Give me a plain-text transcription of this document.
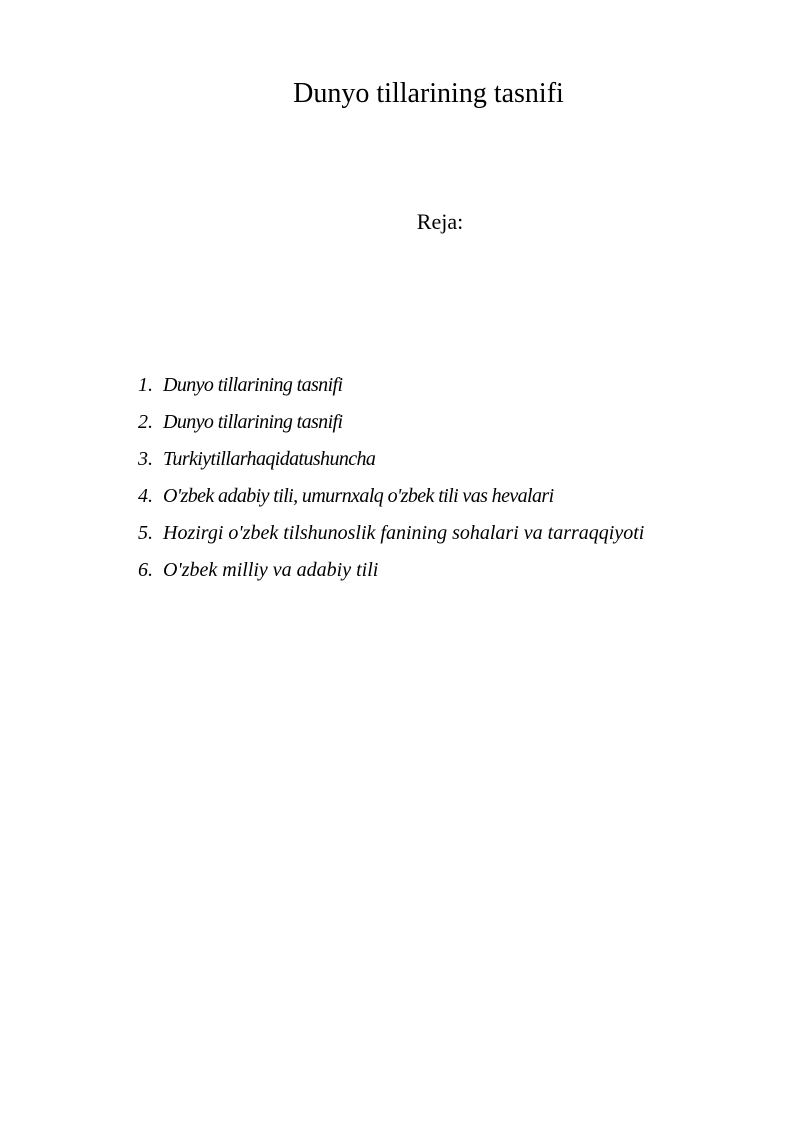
Dunyo tillarining tasnifi
Reja:
1. Dunyo tillarining tasnifi
2. Dunyo tillarining tasnifi
3. Turkiytillarhaqidatushuncha
4. O'zbek adabiy tili, umurnxalq o'zbek tili vas hevalari
5. Hozirgi o'zbek tilshunoslik fanining sohalari va tarraqqiyoti
6. O'zbek milliy va adabiy tili
